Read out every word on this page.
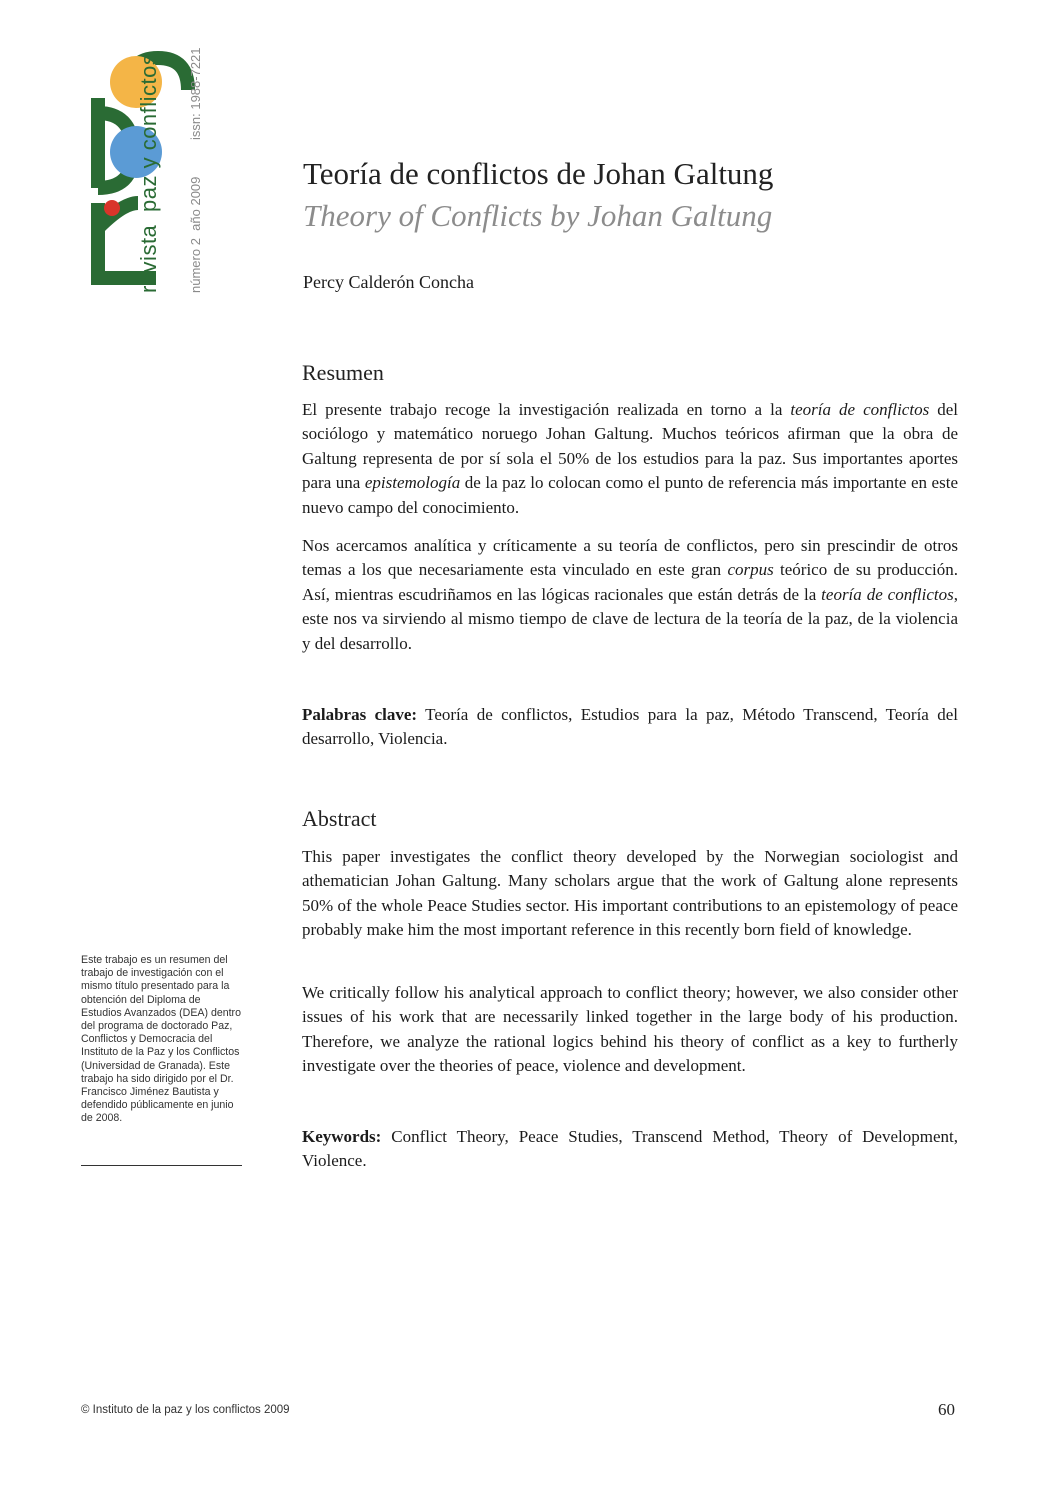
revista
paz y conflictos
número 2  año 2009
issn: 1988-7221
Teoría de conflictos de Johan Galtung
Theory of Conflicts by Johan Galtung
Percy Calderón Concha
Resumen

El presente trabajo recoge la investigación realizada en torno a la teoría de conflictos del sociólogo y matemático noruego Johan Galtung. Muchos teóricos afirman que la obra de Galtung representa de por sí sola el 50% de los estudios para la paz. Sus importantes aportes para una epistemología de la paz lo colocan como el punto de referencia más importante en este nuevo campo del conocimiento.

Nos acercamos analítica y críticamente a su teoría de conflictos, pero sin prescindir de otros temas a los que necesariamente esta vinculado en este gran corpus teórico de su producción. Así, mientras escudriñamos en las lógicas racionales que están detrás de la teoría de conflictos, este nos va sirviendo al mismo tiempo de clave de lectura de la teoría de la paz, de la violencia y del desarrollo.

Palabras clave: Teoría de conflictos, Estudios para la paz, Método Transcend, Teoría del desarrollo, Violencia.

Abstract

This paper investigates the conflict theory developed by the Norwegian sociologist and athematician Johan Galtung. Many scholars argue that the work of Galtung alone represents 50% of the whole Peace Studies sector. His important contributions to an epistemology of peace probably make him the most important reference in this recently born field of knowledge.

We critically follow his analytical approach to conflict theory; however, we also consider other issues of his work that are necessarily linked together in the large body of his production. Therefore, we analyze the rational logics behind his theory of conflict as a key to furtherly investigate over the theories of peace, violence and development.

Keywords: Conflict Theory, Peace Studies, Transcend Method, Theory of Development, Violence.

Este trabajo es un resumen del trabajo de investigación con el mismo título presentado para la obtención del Diploma de Estudios Avanzados (DEA) dentro del programa de doctorado Paz, Conflictos y Democracia del Instituto de la Paz y los Conflictos (Universidad de Granada). Este trabajo ha sido dirigido por el Dr. Francisco Jiménez Bautista y defendido públicamente en junio de 2008.
© Instituto de la paz y los conflictos 2009	60
